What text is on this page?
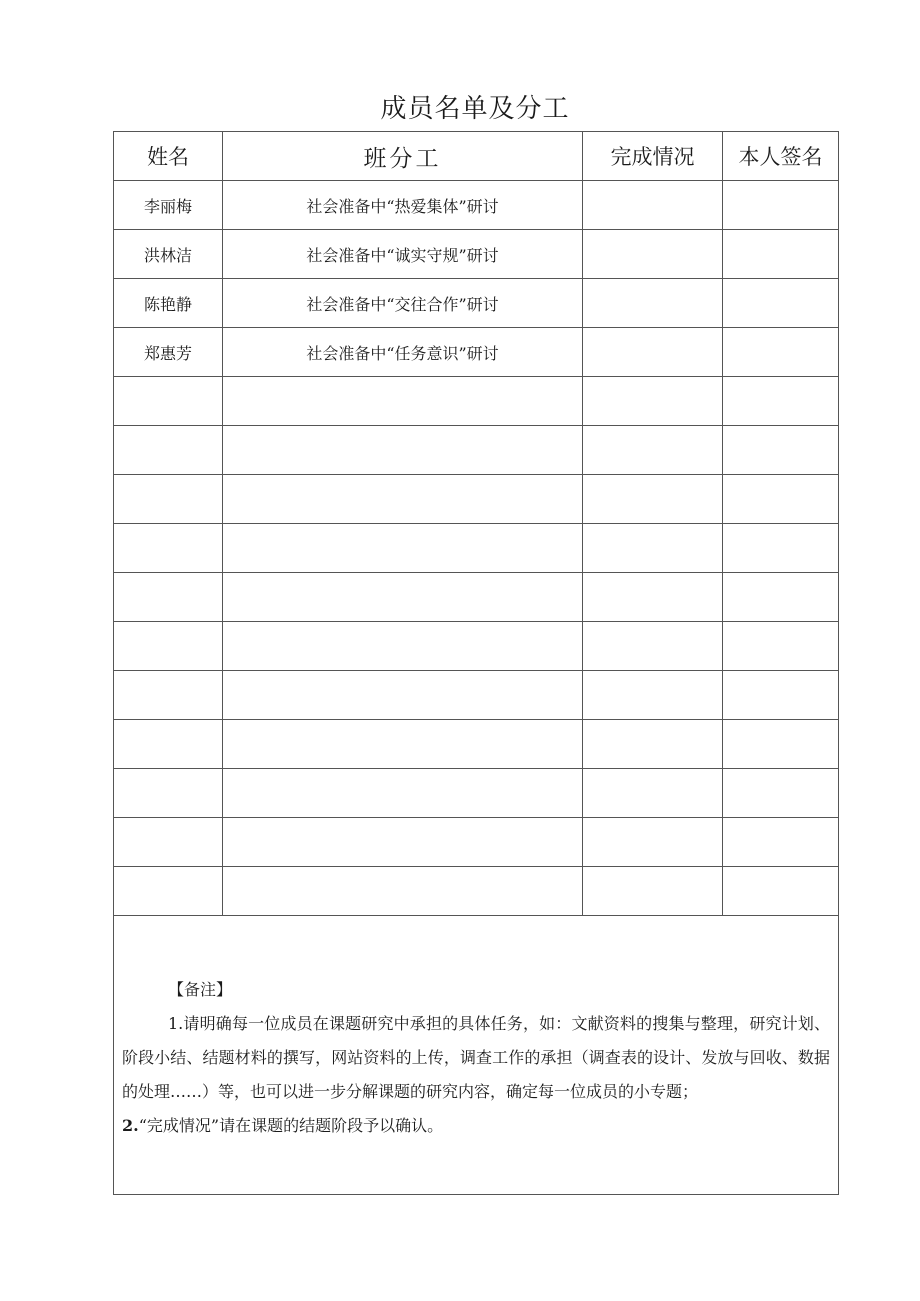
成员名单及分工
姓名	班分工	完成情况	本人签名
李丽梅	社会准备中“热爱集体”研讨		
洪林洁	社会准备中“诚实守规”研讨		
陈艳静	社会准备中“交往合作”研讨		
郑惠芳	社会准备中“任务意识”研讨		

【备注】
1.请明确每一位成员在课题研究中承担的具体任务，如：文献资料的搜集与整理，研究计划、阶段小结、结题材料的撰写，网站资料的上传，调查工作的承担（调查表的设计、发放与回收、数据的处理……）等，也可以进一步分解课题的研究内容，确定每一位成员的小专题；
2.“完成情况”请在课题的结题阶段予以确认。			
